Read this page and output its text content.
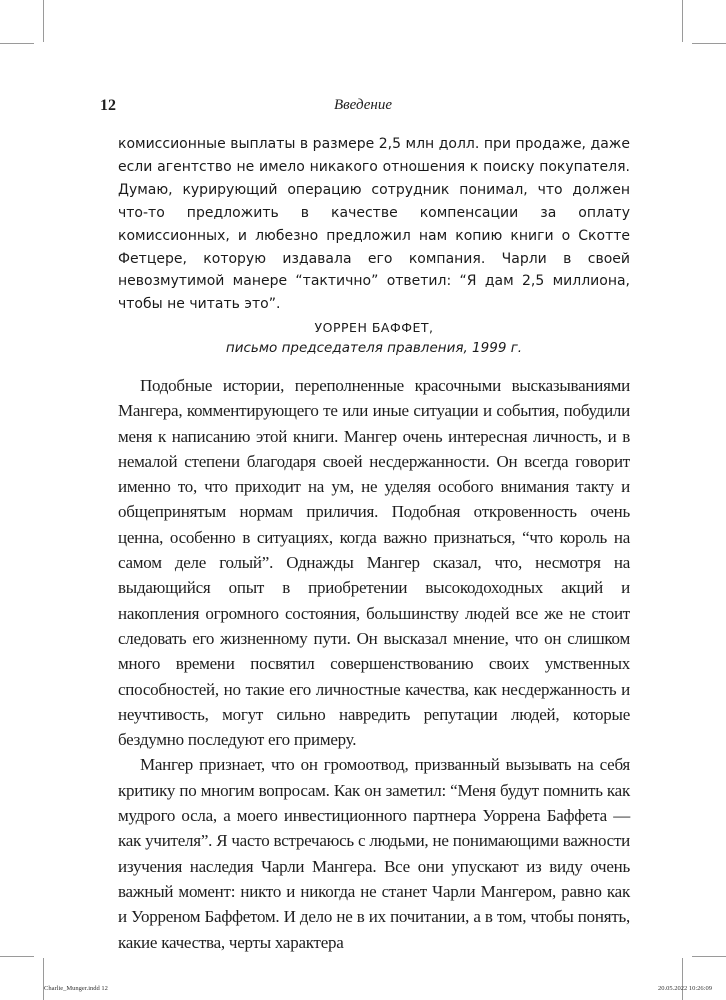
12	Введение

комиссионные выплаты в размере 2,5 млн долл. при продаже, даже если агентство не имело никакого отношения к поиску покупателя. Думаю, курирующий операцию сотрудник понимал, что должен что-то предложить в качестве компенсации за оплату комиссионных, и любезно предложил нам копию книги о Скотте Фетцере, которую издавала его компания. Чарли в своей невозмутимой манере “тактично” ответил: “Я дам 2,5 миллиона, чтобы не читать это”.

УОРРЕН БАФФЕТ,
письмо председателя правления, 1999 г.

Подобные истории, переполненные красочными высказываниями Мангера, комментирующего те или иные ситуации и события, побудили меня к написанию этой книги. Мангер очень интересная личность, и в немалой степени благодаря своей несдержанности. Он всегда говорит именно то, что приходит на ум, не уделяя особого внимания такту и общепринятым нормам приличия. Подобная откровенность очень ценна, особенно в ситуациях, когда важно признаться, “что король на самом деле голый”. Однажды Мангер сказал, что, несмотря на выдающийся опыт в приобретении высокодоходных акций и накопления огромного состояния, большинству людей все же не стоит следовать его жизненному пути. Он высказал мнение, что он слишком много времени посвятил совершенствованию своих умственных способностей, но такие его личностные качества, как несдержанность и неучтивость, могут сильно навредить репутации людей, которые бездумно последуют его примеру.

Мангер признает, что он громоотвод, призванный вызывать на себя критику по многим вопросам. Как он заметил: “Меня будут помнить как мудрого осла, а моего инвестиционного партнера Уоррена Баффета — как учителя”. Я часто встречаюсь с людьми, не понимающими важности изучения наследия Чарли Мангера. Все они упускают из виду очень важный момент: никто и никогда не станет Чарли Мангером, равно как и Уорреном Баффетом. И дело не в их почитании, а в том, чтобы понять, какие качества, черты характера

Charlie_Munger.indd 12	20.05.2022 10:26:09
